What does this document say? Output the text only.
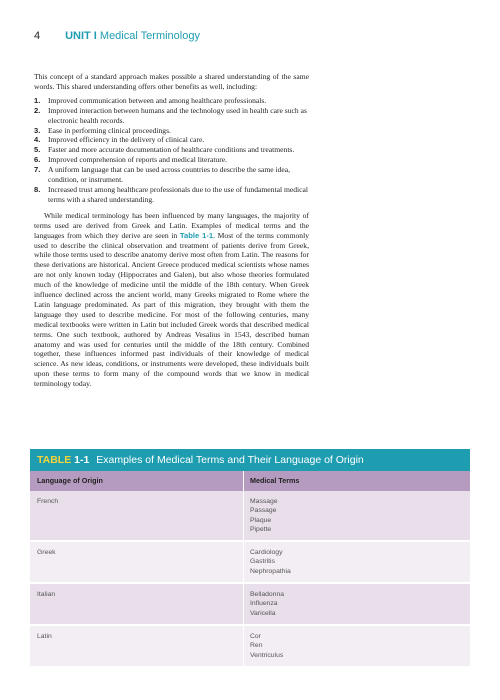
4 UNIT I Medical Terminology

This concept of a standard approach makes possible a shared understanding of the same words. This shared understanding offers other benefits as well, including:

1.	Improved communication between and among healthcare professionals.
2.	Improved interaction between humans and the technology used in health care such as electronic health records.
3.	Ease in performing clinical proceedings.
4.	Improved efficiency in the delivery of clinical care.
5.	Faster and more accurate documentation of healthcare conditions and treatments.
6.	Improved comprehension of reports and medical literature.
7.	A uniform language that can be used across countries to describe the same idea, condition, or instrument.
8.	Increased trust among healthcare professionals due to the use of fundamental medical terms with a shared understanding.

While medical terminology has been influenced by many languages, the majority of terms used are derived from Greek and Latin. Examples of medical terms and the languages from which they derive are seen in Table 1-1. Most of the terms commonly used to describe the clinical observation and treatment of patients derive from Greek, while those terms used to describe anatomy derive most often from Latin. The reasons for these derivations are historical. Ancient Greece produced medical scientists whose names are not only known today (Hippocrates and Galen), but also whose theories formulated much of the knowledge of medicine until the middle of the 18th century. When Greek influence declined across the ancient world, many Greeks migrated to Rome where the Latin language predominated. As part of this migration, they brought with them the language they used to describe medicine. For most of the following centuries, many medical textbooks were written in Latin but included Greek words that described medical terms. One such textbook, authored by Andreas Vesalius in 1543, described human anatomy and was used for centuries until the middle of the 18th century. Combined together, these influences informed past individuals of their knowledge of medical science. As new ideas, conditions, or instruments were developed, these individuals built upon these terms to form many of the compound words that we know in medical terminology today.

TABLE 1-1 Examples of Medical Terms and Their Language of Origin
Language of Origin	Medical Terms
French	Massage
Passage
Plaque
Pipette
Greek	Cardiology
Gastritis
Nephropathia
Italian	Belladonna
Influenza
Varicella
Latin	Cor
Ren
Ventriculus
